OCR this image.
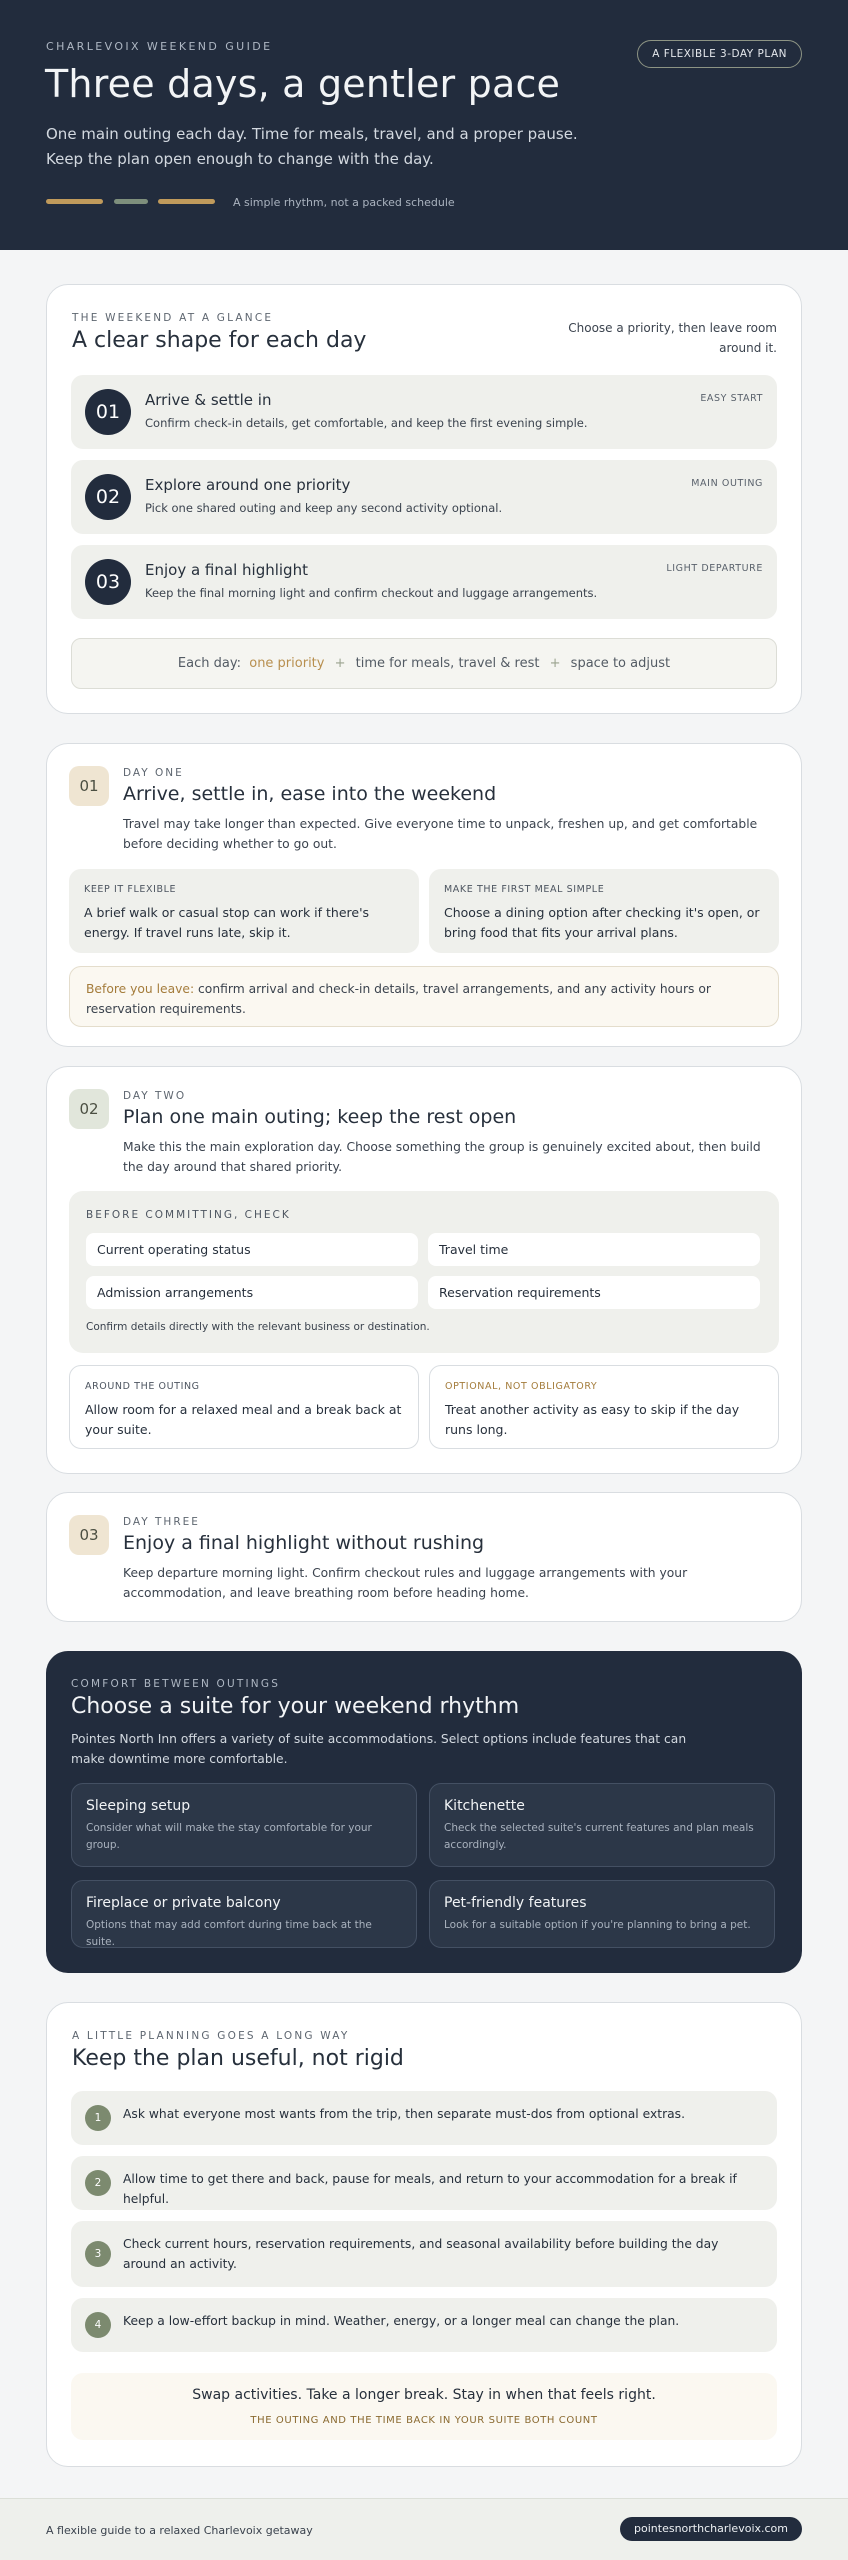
CHARLEVOIX WEEKEND GUIDE
A FLEXIBLE 3-DAY PLAN
Three days, a gentler pace

One main outing each day. Time for meals, travel, and a proper pause. Keep the plan open enough to change with the day.

A simple rhythm, not a packed schedule
THE WEEKEND AT A GLANCE
A clear shape for each day	Choose a priority, then leave room around it.

01
Arrive & settle in
Confirm check-in details, get comfortable, and keep the first evening simple.
EASY START
02
Explore around one priority
Pick one shared outing and keep any second activity optional.
MAIN OUTING
03
Enjoy a final highlight
Keep the final morning light and confirm checkout and luggage arrangements.
LIGHT DEPARTURE
Each day: one priority + time for meals, travel & rest + space to adjust
01
DAY ONE
Arrive, settle in, ease into the weekend

Travel may take longer than expected. Give everyone time to unpack, freshen up, and get comfortable before deciding whether to go out.

KEEP IT FLEXIBLE
A brief walk or casual stop can work if there's energy. If travel runs late, skip it.
MAKE THE FIRST MEAL SIMPLE
Choose a dining option after checking it's open, or bring food that fits your arrival plans.
Before you leave: confirm arrival and check-in details, travel arrangements, and any activity hours or reservation requirements.
02
DAY TWO
Plan one main outing; keep the rest open

Make this the main exploration day. Choose something the group is genuinely excited about, then build the day around that shared priority.

BEFORE COMMITTING, CHECK
Current operating status	Travel time
Admission arrangements	Reservation requirements
Confirm details directly with the relevant business or destination.
AROUND THE OUTING
Allow room for a relaxed meal and a break back at your suite.
OPTIONAL, NOT OBLIGATORY
Treat another activity as easy to skip if the day runs long.
03
DAY THREE
Enjoy a final highlight without rushing

Keep departure morning light. Confirm checkout rules and luggage arrangements with your accommodation, and leave breathing room before heading home.

COMFORT BETWEEN OUTINGS
Choose a suite for your weekend rhythm

Pointes North Inn offers a variety of suite accommodations. Select options include features that can make downtime more comfortable.

Sleeping setup
Consider what will make the stay comfortable for your group.
Kitchenette
Check the selected suite's current features and plan meals accordingly.
Fireplace or private balcony
Options that may add comfort during time back at the suite.
Pet-friendly features
Look for a suitable option if you're planning to bring a pet.
A LITTLE PLANNING GOES A LONG WAY
Keep the plan useful, not rigid
1	Ask what everyone most wants from the trip, then separate must-dos from optional extras.
2	Allow time to get there and back, pause for meals, and return to your accommodation for a break if helpful.
3
Check current hours, reservation requirements, and seasonal availability before building the day around an activity.
4	Keep a low-effort backup in mind. Weather, energy, or a longer meal can change the plan.
Swap activities. Take a longer break. Stay in when that feels right.
THE OUTING AND THE TIME BACK IN YOUR SUITE BOTH COUNT
A flexible guide to a relaxed Charlevoix getaway	pointesnorthcharlevoix.com
